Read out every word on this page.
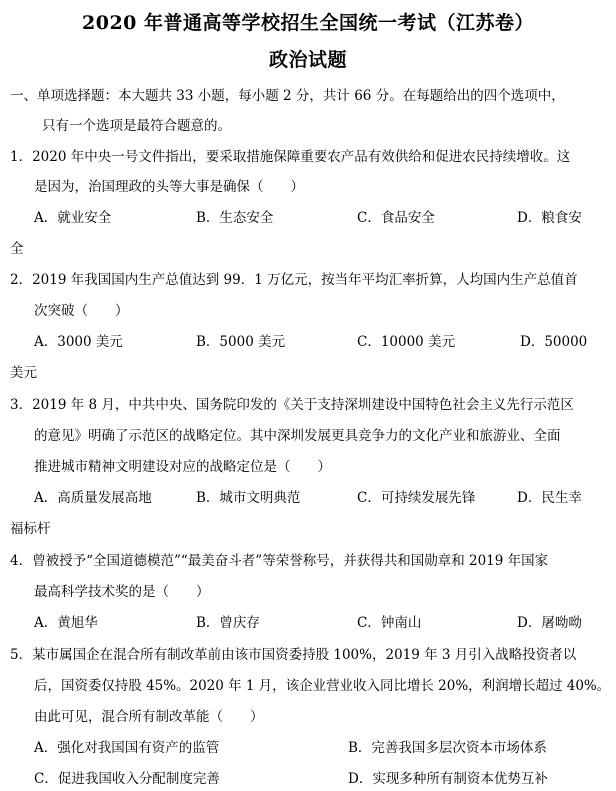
2020 年普通高等学校招生全国统一考试（江苏卷）
政治试题
一、单项选择题：本大题共 33 小题，每小题 2 分，共计 66 分。在每题给出的四个选项中，
只有一个选项是最符合题意的。
1．2020 年中央一号文件指出，要采取措施保障重要农产品有效供给和促进农民持续增收。这
是因为，治国理政的头等大事是确保（　　）
A．就业安全	B．生态安全	C．食品安全	D．粮食安
全
2．2019 年我国国内生产总值达到 99．1 万亿元，按当年平均汇率折算，人均国内生产总值首
次突破（　　）
A．3000 美元	B．5000 美元	C．10000 美元	D．50000
美元
3．2019 年 8 月，中共中央、国务院印发的《关于支持深圳建设中国特色社会主义先行示范区
的意见》明确了示范区的战略定位。其中深圳发展更具竞争力的文化产业和旅游业、全面
推进城市精神文明建设对应的战略定位是（　　）
A．高质量发展高地	B．城市文明典范	C．可持续发展先锋	D．民生幸
福标杆
4．曾被授予“全国道德模范”“最美奋斗者”等荣誉称号，并获得共和国勋章和 2019 年国家
最高科学技术奖的是（　　）
A．黄旭华	B．曾庆存	C．钟南山	D．屠呦呦
5．某市属国企在混合所有制改革前由该市国资委持股 100%，2019 年 3 月引入战略投资者以
后，国资委仅持股 45%。2020 年 1 月，该企业营业收入同比增长 20%，利润增长超过 40%。
由此可见，混合所有制改革能（　　）
A．强化对我国国有资产的监管	B．完善我国多层次资本市场体系
C．促进我国收入分配制度完善	D．实现多种所有制资本优势互补
